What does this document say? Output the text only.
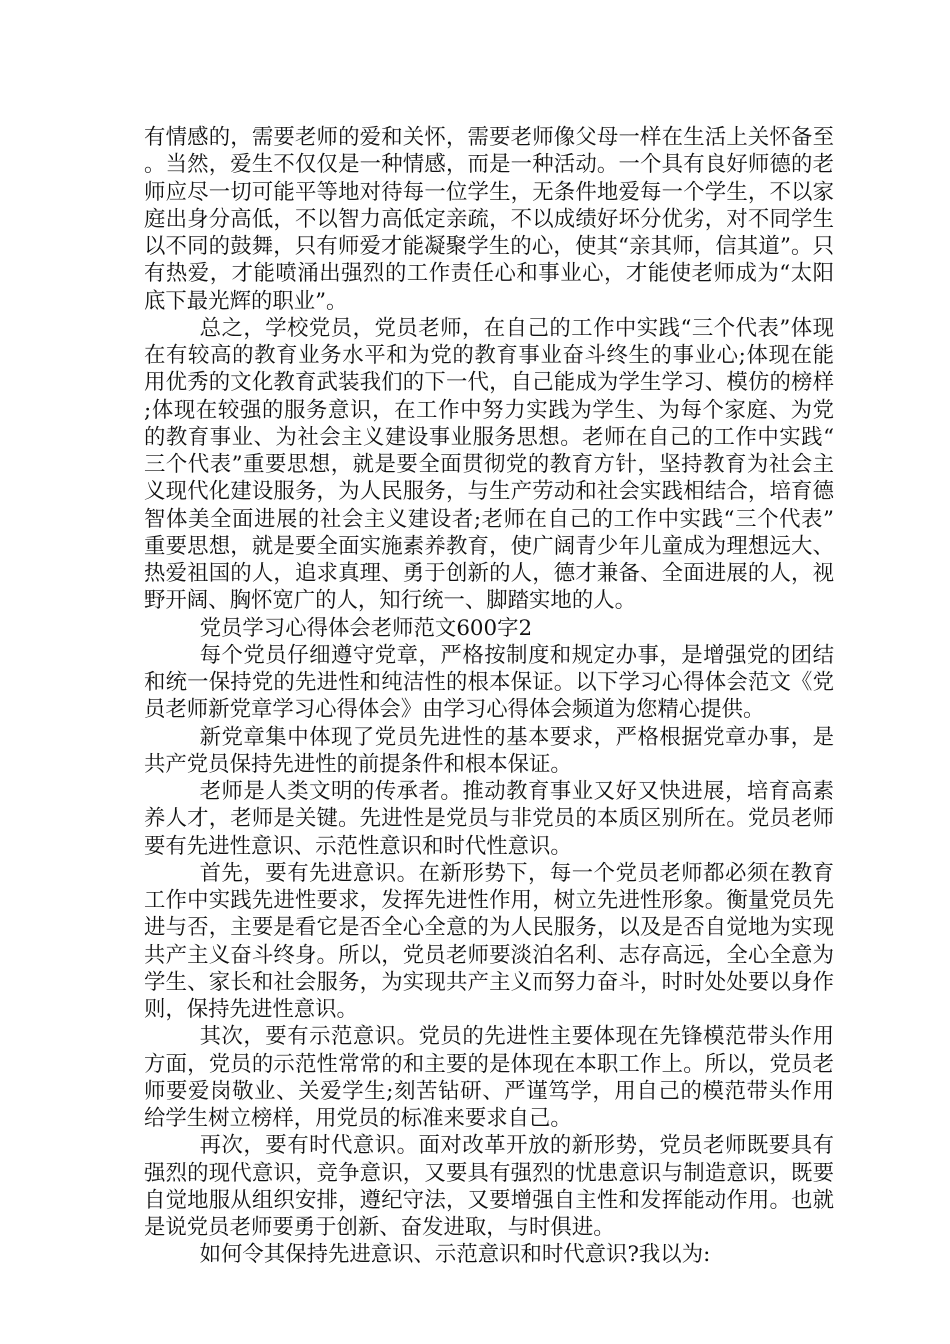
有情感的，需要老师的爱和关怀，需要老师像父母一样在生活上关怀备至。当然，爱生不仅仅是一种情感，而是一种活动。一个具有良好师德的老师应尽一切可能平等地对待每一位学生，无条件地爱每一个学生，不以家庭出身分高低，不以智力高低定亲疏，不以成绩好坏分优劣，对不同学生以不同的鼓舞，只有师爱才能凝聚学生的心，使其“亲其师，信其道”。只有热爱，才能喷涌出强烈的工作责任心和事业心，才能使老师成为“太阳底下最光辉的职业”。

总之，学校党员，党员老师，在自己的工作中实践“三个代表”体现在有较高的教育业务水平和为党的教育事业奋斗终生的事业心;体现在能用优秀的文化教育武装我们的下一代，自己能成为学生学习、模仿的榜样;体现在较强的服务意识，在工作中努力实践为学生、为每个家庭、为党的教育事业、为社会主义建设事业服务思想。老师在自己的工作中实践“三个代表”重要思想，就是要全面贯彻党的教育方针，坚持教育为社会主义现代化建设服务，为人民服务，与生产劳动和社会实践相结合，培育德智体美全面进展的社会主义建设者;老师在自己的工作中实践“三个代表”重要思想，就是要全面实施素养教育，使广阔青少年儿童成为理想远大、热爱祖国的人，追求真理、勇于创新的人，德才兼备、全面进展的人，视野开阔、胸怀宽广的人，知行统一、脚踏实地的人。

党员学习心得体会老师范文600字2

每个党员仔细遵守党章，严格按制度和规定办事，是增强党的团结和统一保持党的先进性和纯洁性的根本保证。以下学习心得体会范文《党员老师新党章学习心得体会》由学习心得体会频道为您精心提供。

新党章集中体现了党员先进性的基本要求，严格根据党章办事，是共产党员保持先进性的前提条件和根本保证。

老师是人类文明的传承者。推动教育事业又好又快进展，培育高素养人才，老师是关键。先进性是党员与非党员的本质区别所在。党员老师要有先进性意识、示范性意识和时代性意识。

首先，要有先进意识。在新形势下，每一个党员老师都必须在教育工作中实践先进性要求，发挥先进性作用，树立先进性形象。衡量党员先进与否，主要是看它是否全心全意的为人民服务，以及是否自觉地为实现共产主义奋斗终身。所以，党员老师要淡泊名利、志存高远，全心全意为学生、家长和社会服务，为实现共产主义而努力奋斗，时时处处要以身作则，保持先进性意识。

其次，要有示范意识。党员的先进性主要体现在先锋模范带头作用方面，党员的示范性常常的和主要的是体现在本职工作上。所以，党员老师要爱岗敬业、关爱学生;刻苦钻研、严谨笃学，用自己的模范带头作用给学生树立榜样，用党员的标准来要求自己。

再次，要有时代意识。面对改革开放的新形势，党员老师既要具有强烈的现代意识，竞争意识，又要具有强烈的忧患意识与制造意识，既要自觉地服从组织安排，遵纪守法，又要增强自主性和发挥能动作用。也就是说党员老师要勇于创新、奋发进取，与时俱进。

如何令其保持先进意识、示范意识和时代意识?我以为:
